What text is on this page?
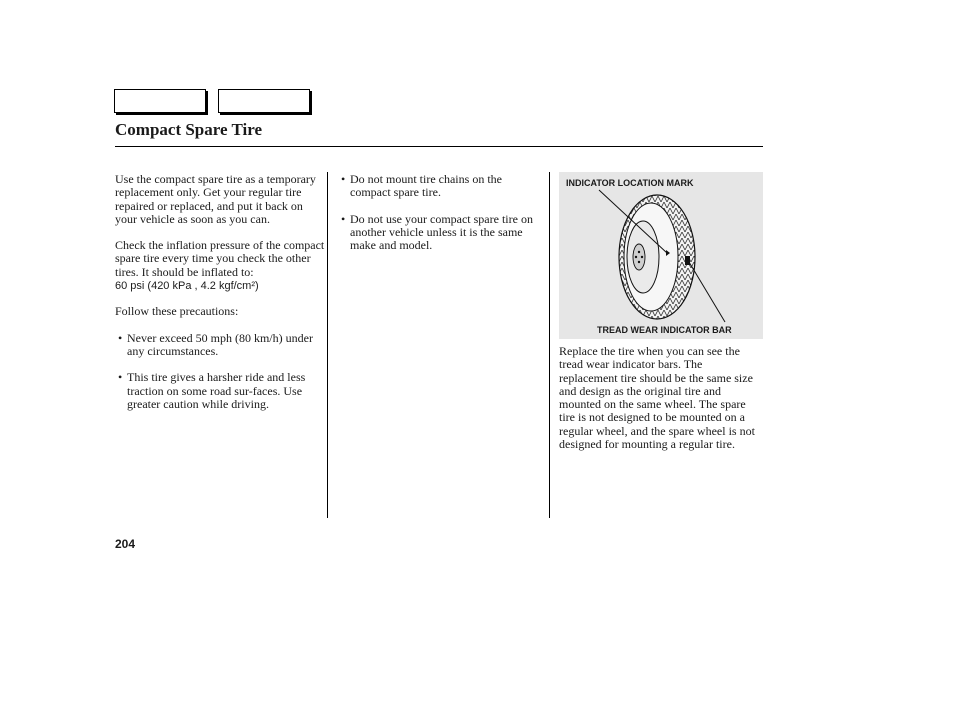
Compact Spare Tire

Use the compact spare tire as a temporary replacement only. Get your regular tire repaired or replaced, and put it back on your vehicle as soon as you can.

Check the inflation pressure of the compact spare tire every time you check the other tires. It should be inflated to:

60 psi (420 kPa , 4.2 kgf/cm²)

Follow these precautions:

• Never exceed 50 mph (80 km/h) under any circumstances.

• This tire gives a harsher ride and less traction on some road sur-faces. Use greater caution while driving.

• Do not mount tire chains on the compact spare tire.

• Do not use your compact spare tire on another vehicle unless it is the same make and model.

INDICATOR LOCATION MARK
TREAD WEAR INDICATOR BAR

Replace the tire when you can see the tread wear indicator bars. The replacement tire should be the same size and design as the original tire and mounted on the same wheel. The spare tire is not designed to be mounted on a regular wheel, and the spare wheel is not designed for mounting a regular tire.

204
